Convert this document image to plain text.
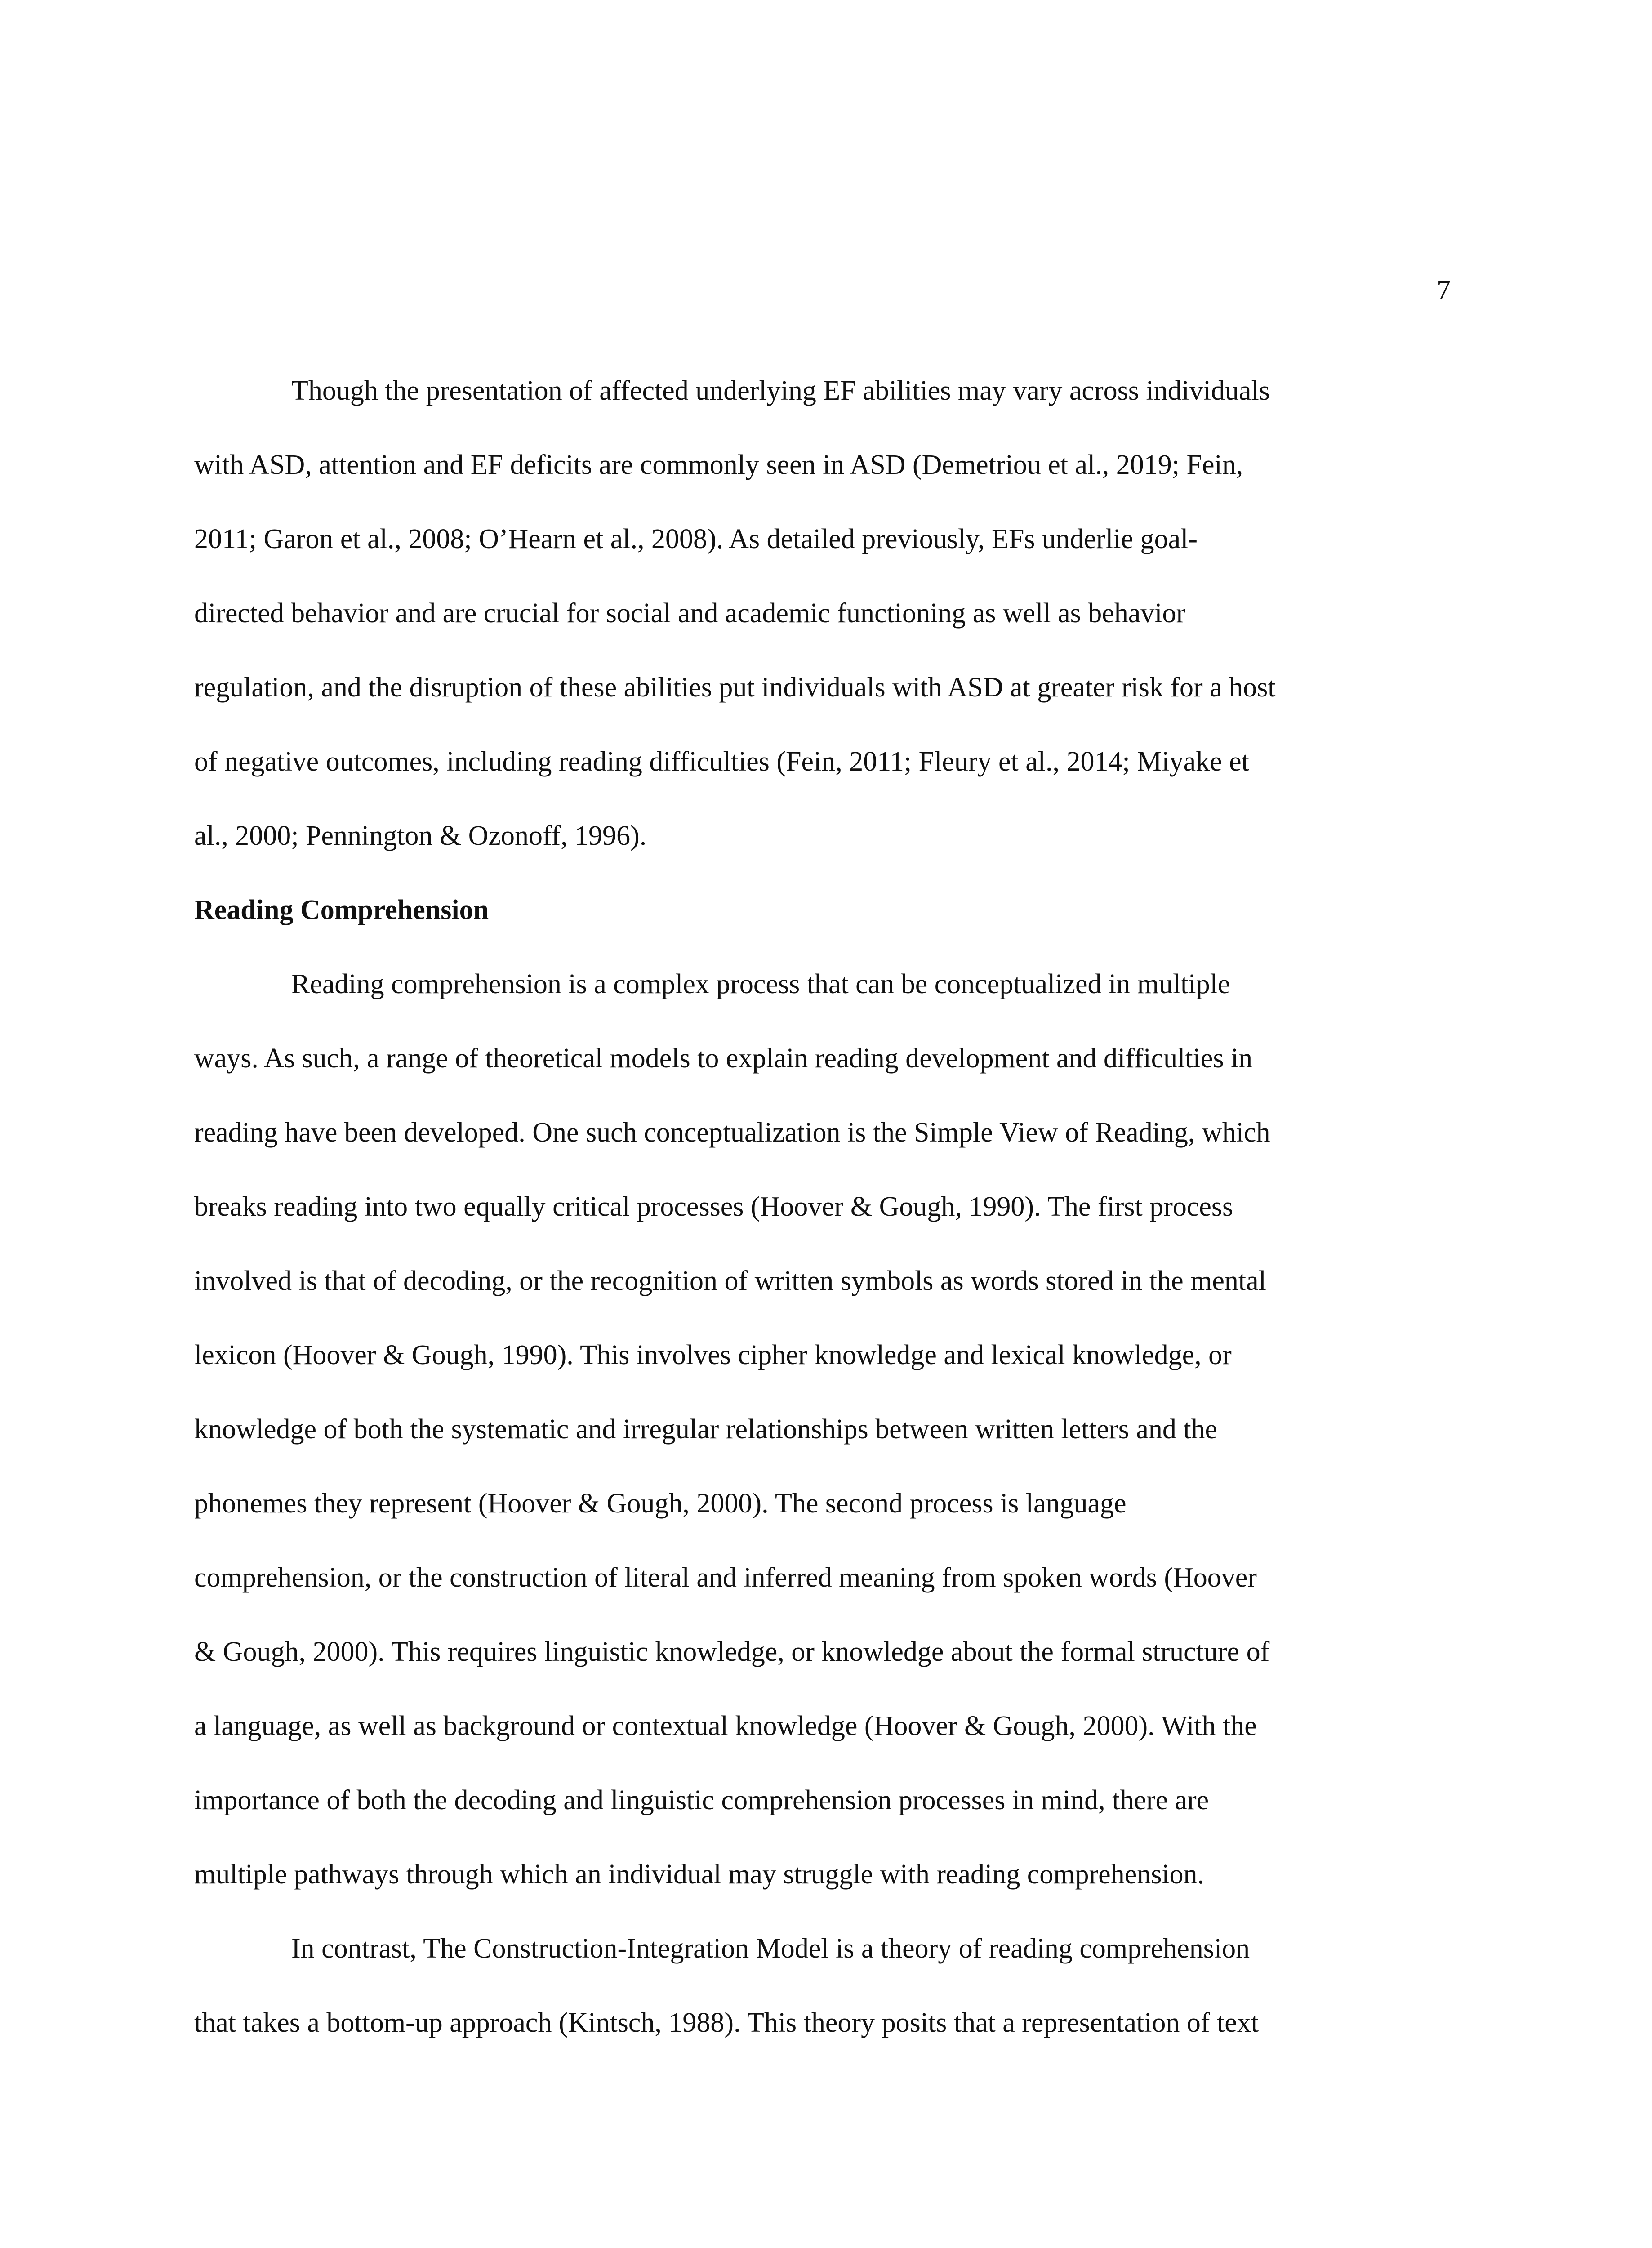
7
Though the presentation of affected underlying EF abilities may vary across individuals
with ASD, attention and EF deficits are commonly seen in ASD (Demetriou et al., 2019; Fein,
2011; Garon et al., 2008; O’Hearn et al., 2008). As detailed previously, EFs underlie goal-
directed behavior and are crucial for social and academic functioning as well as behavior
regulation, and the disruption of these abilities put individuals with ASD at greater risk for a host
of negative outcomes, including reading difficulties (Fein, 2011; Fleury et al., 2014; Miyake et
al., 2000; Pennington & Ozonoff, 1996).
Reading Comprehension
Reading comprehension is a complex process that can be conceptualized in multiple
ways. As such, a range of theoretical models to explain reading development and difficulties in
reading have been developed. One such conceptualization is the Simple View of Reading, which
breaks reading into two equally critical processes (Hoover & Gough, 1990). The first process
involved is that of decoding, or the recognition of written symbols as words stored in the mental
lexicon (Hoover & Gough, 1990). This involves cipher knowledge and lexical knowledge, or
knowledge of both the systematic and irregular relationships between written letters and the
phonemes they represent (Hoover & Gough, 2000). The second process is language
comprehension, or the construction of literal and inferred meaning from spoken words (Hoover
& Gough, 2000). This requires linguistic knowledge, or knowledge about the formal structure of
a language, as well as background or contextual knowledge (Hoover & Gough, 2000). With the
importance of both the decoding and linguistic comprehension processes in mind, there are
multiple pathways through which an individual may struggle with reading comprehension.
In contrast, The Construction-Integration Model is a theory of reading comprehension
that takes a bottom-up approach (Kintsch, 1988). This theory posits that a representation of text
